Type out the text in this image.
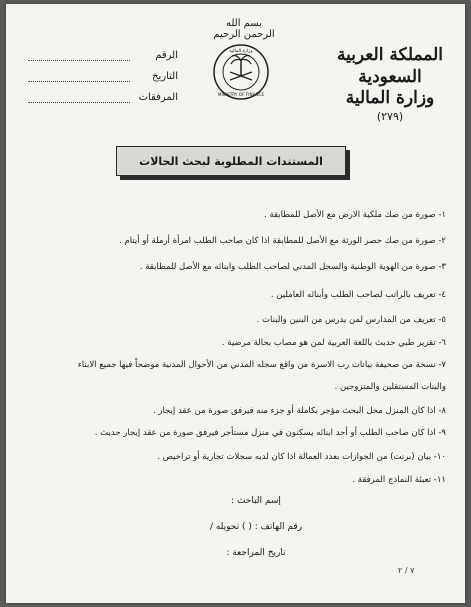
المملكة العربية السعودية
وزارة المالية
(٢٧٩)
بسم الله الرحمن الرحيم
MINISTRY OF FINANCE
وزارة المالية
الرقم
التاريخ
المرفقات
المستندات المطلوبة لبحث الحالات
١- صورة من صك ملكية الارض مع الأصل للمطابقة .
٢- صورة من صك حصر الورثة مع الأصل للمطابقة اذا كان صاحب الطلب امرأة أرملة أو أيتام .
٣- صورة من الهوية الوطنية والسجل المدني لصاحب الطلب وابنائه مع الأصل للمطابقة .
٤- تعريف بالراتب لصاحب الطلب وأبنائه العاملين .
٥- تعريف من المدارس لمن يدرس من البنين والبنات .
٦- تقرير طبي حديث باللغة العربية لمن هو مصاب بحالة مرضية .
٧- نسخة من صحيفة بيانات رب الاسرة من واقع سجله المدني من الأحوال المدنية موضحاً فيها جميع الابناء
والبنات المستقلين والمتزوجين .
٨- اذا كان المنزل محل البحث مؤجر بكاملة أو جزء منه فيرفق صورة من عقد إيجار .
٩- اذا كان صاحب الطلب أو أحد ابنائه يسكنون في منزل مستأجر فيرفق صورة من عقد إيجار حديث .
١٠- بيان (برنت) من الجوازات بعدد العمالة اذا كان لديه سجلات تجارية أو تراخيص .
١١- تعبئة النماذج المرفقة .
إسم الباحث :
رقم الهاتف : ( ) تحويله /
تاريخ المراجعة :
٧ / ٢
